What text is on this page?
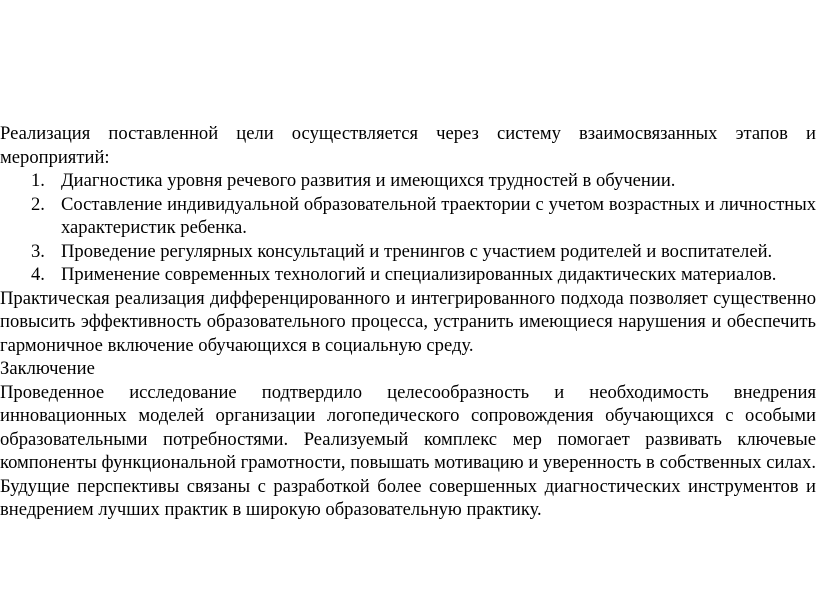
Реализация поставленной цели осуществляется через систему взаимосвязанных этапов и мероприятий:

1. Диагностика уровня речевого развития и имеющихся трудностей в обучении.
2. Составление индивидуальной образовательной траектории с учетом возрастных и личностных характеристик ребенка.
3. Проведение регулярных консультаций и тренингов с участием родителей и воспитателей.
4. Применение современных технологий и специализированных дидактических материалов.

Практическая реализация дифференцированного и интегрированного подхода позволяет существенно повысить эффективность образовательного процесса, устранить имеющиеся нарушения и обеспечить гармоничное включение обучающихся в социальную среду.

Заключение

Проведенное исследование подтвердило целесообразность и необходимость внедрения инновационных моделей организации логопедического сопровождения обучающихся с особыми образовательными потребностями. Реализуемый комплекс мер помогает развивать ключевые компоненты функциональной грамотности, повышать мотивацию и уверенность в собственных силах. Будущие перспективы связаны с разработкой более совершенных диагностических инструментов и внедрением лучших практик в широкую образовательную практику.
